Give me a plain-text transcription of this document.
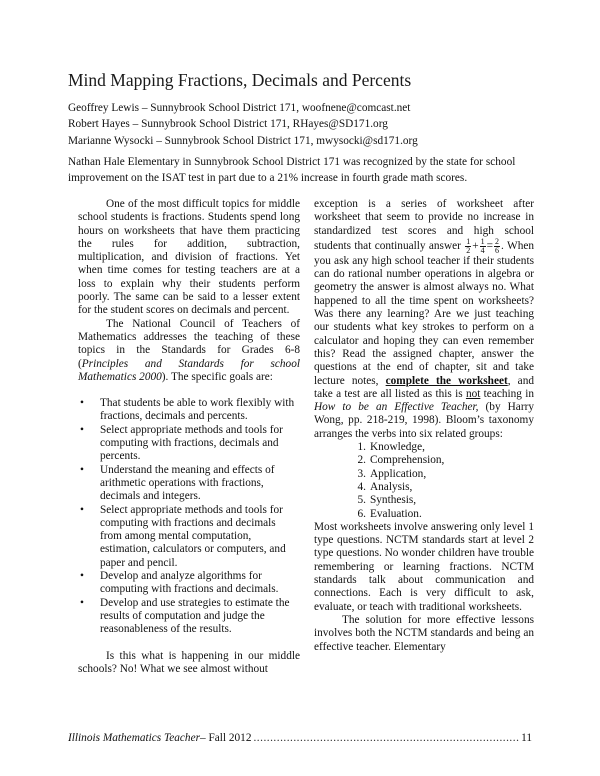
Mind Mapping Fractions, Decimals and Percents
Geoffrey Lewis – Sunnybrook School District 171, woofnene@comcast.net
Robert Hayes – Sunnybrook School District 171, RHayes@SD171.org
Marianne Wysocki – Sunnybrook School District 171, mwysocki@sd171.org
Nathan Hale Elementary in Sunnybrook School District 171 was recognized by the state for school improvement on the ISAT test in part due to a 21% increase in fourth grade math scores.

One of the most difficult topics for middle school students is fractions. Students spend long hours on worksheets that have them practicing the rules for addition, subtraction, multiplication, and division of fractions. Yet when time comes for testing teachers are at a loss to explain why their students perform poorly. The same can be said to a lesser extent for the student scores on decimals and percent.

The National Council of Teachers of Mathematics addresses the teaching of these topics in the Standards for Grades 6-8 (Principles and Standards for school Mathematics 2000). The specific goals are:

• That students be able to work flexibly with fractions, decimals and percents.
• Select appropriate methods and tools for computing with fractions, decimals and percents.
• Understand the meaning and effects of arithmetic operations with fractions, decimals and integers.
• Select appropriate methods and tools for computing with fractions and decimals from among mental computation, estimation, calculators or computers, and paper and pencil.
• Develop and analyze algorithms for computing with fractions and decimals.
• Develop and use strategies to estimate the results of computation and judge the reasonableness of the results.

Is this what is happening in our middle schools? No! What we see almost without

exception is a series of worksheet after worksheet that seem to provide no increase in standardized test scores and high school students that continually answer $\frac{1}{2} + \frac{1}{4} = \frac{2}{6}$ . When you ask any high school teacher if their students can do rational number operations in algebra or geometry the answer is almost always no. What happened to all the time spent on worksheets? Was there any learning? Are we just teaching our students what key strokes to perform on a calculator and hoping they can even remember this? Read the assigned chapter, answer the questions at the end of chapter, sit and take lecture notes, complete the worksheet, and take a test are all listed as this is not teaching in How to be an Effective Teacher, (by Harry Wong, pp. 218-219, 1998). Bloom’s taxonomy arranges the verbs into six related groups:

1. Knowledge,
2. Comprehension,
3. Application,
4. Analysis,
5. Synthesis,
6. Evaluation.

Most worksheets involve answering only level 1 type questions. NCTM standards start at level 2 type questions. No wonder children have trouble remembering or learning fractions. NCTM standards talk about communication and connections. Each is very difficult to ask, evaluate, or teach with traditional worksheets.

The solution for more effective lessons involves both the NCTM standards and being an effective teacher. Elementary

Illinois Mathematics Teacher – Fall 2012
.....	11
